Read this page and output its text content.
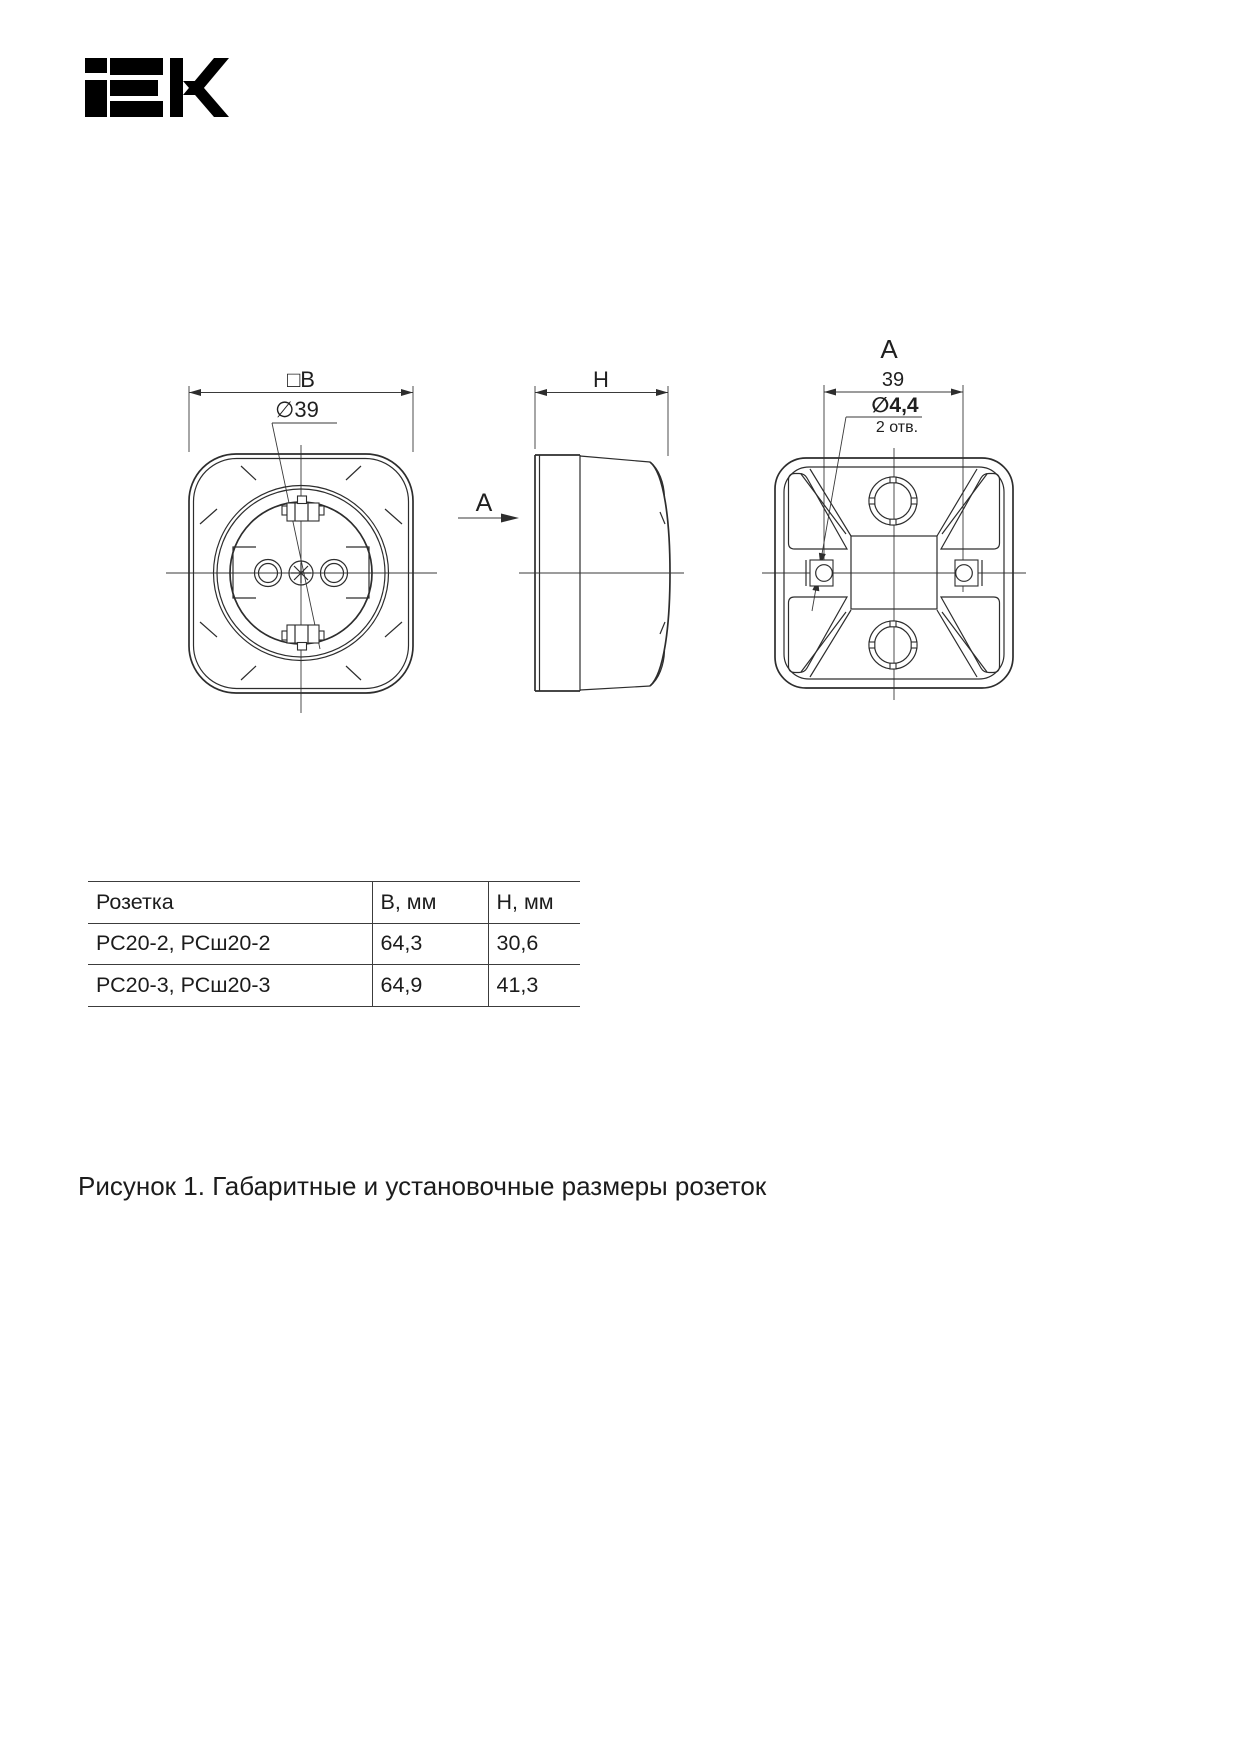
□B
∅39
H
A
A
39
∅4,4
2 отв.
Розетка	B, мм	H, мм
РС20-2, РСш20-2	64,3	30,6
РС20-3, РСш20-3	64,9	41,3
Рисунок 1. Габаритные и установочные размеры розеток
